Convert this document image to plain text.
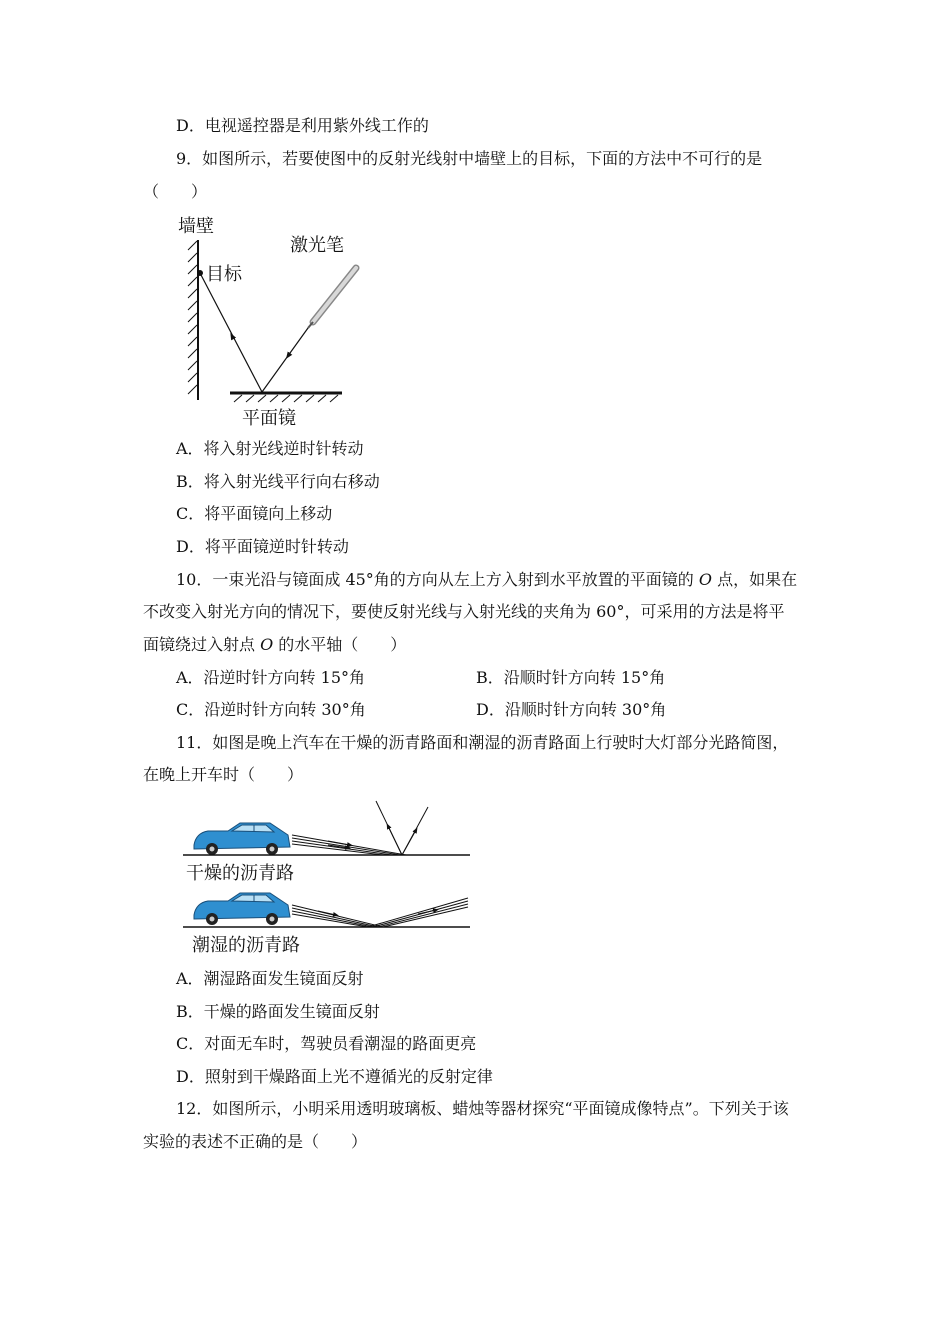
D．电视遥控器是利用紫外线工作的
9．如图所示，若要使图中的反射光线射中墙壁上的目标，下面的方法中不可行的是
（　　）
墙壁
目标
激光笔
平面镜
A．将入射光线逆时针转动
B．将入射光线平行向右移动
C．将平面镜向上移动
D．将平面镜逆时针转动
10．一束光沿与镜面成 45°角的方向从左上方入射到水平放置的平面镜的 O 点，如果在
不改变入射光方向的情况下，要使反射光线与入射光线的夹角为 60°，可采用的方法是将平
面镜绕过入射点 O 的水平轴（　　）
A．沿逆时针方向转 15°角	B．沿顺时针方向转 15°角
C．沿逆时针方向转 30°角	D．沿顺时针方向转 30°角
11．如图是晚上汽车在干燥的沥青路面和潮湿的沥青路面上行驶时大灯部分光路简图，
在晚上开车时（　　）
干燥的沥青路
潮湿的沥青路
A．潮湿路面发生镜面反射
B．干燥的路面发生镜面反射
C．对面无车时，驾驶员看潮湿的路面更亮
D．照射到干燥路面上光不遵循光的反射定律
12．如图所示，小明采用透明玻璃板、蜡烛等器材探究“平面镜成像特点”。下列关于该
实验的表述不正确的是（　　）
